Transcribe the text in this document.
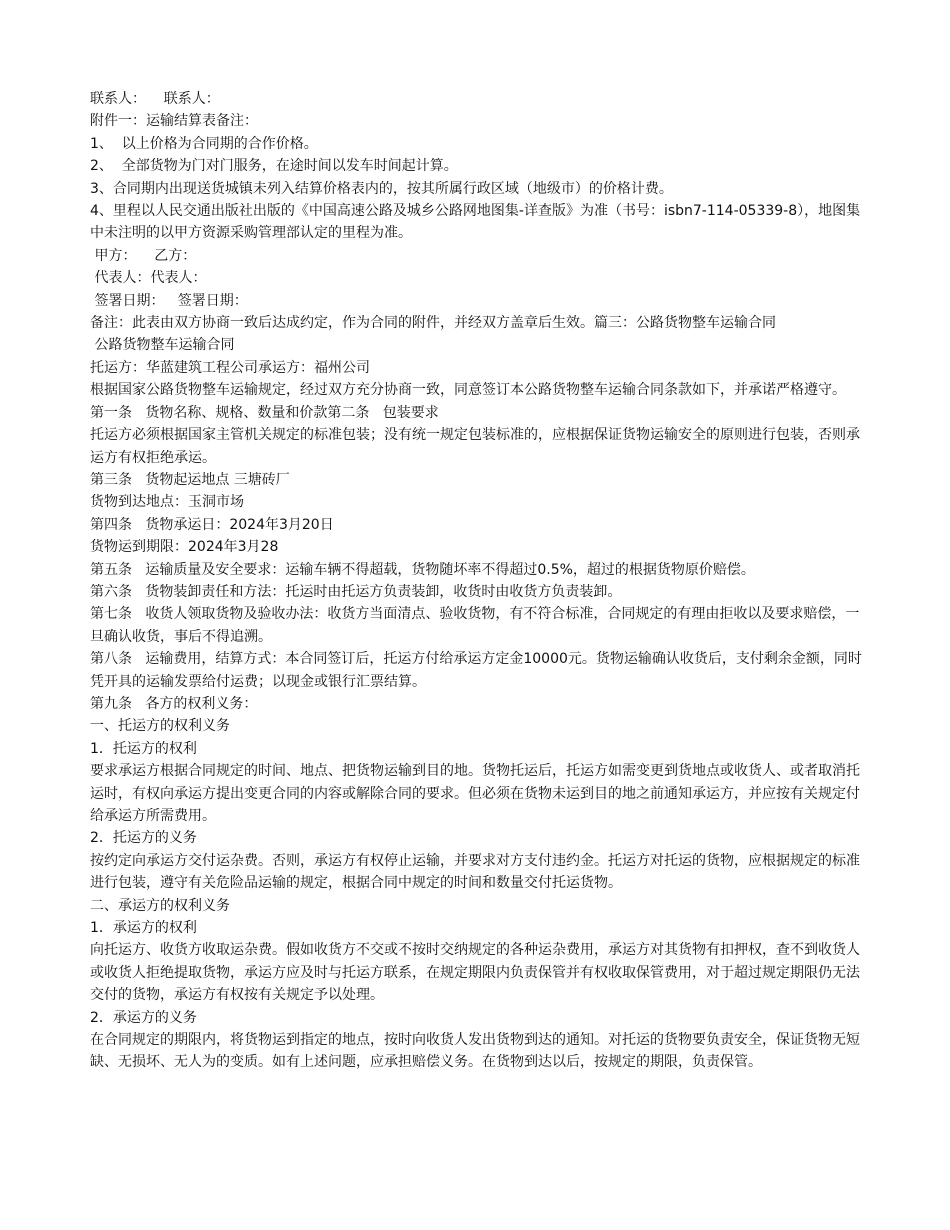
联系人：    联系人：

附件一：运输结算表备注：

1、  以上价格为合同期的合作价格。

2、  全部货物为门对门服务，在途时间以发车时间起计算。

3、合同期内出现送货城镇未列入结算价格表内的，按其所属行政区域（地级市）的价格计费。

4、里程以人民交通出版社出版的《中国高速公路及城乡公路网地图集-详查版》为准（书号：isbn7-114-05339-8），地图集中未注明的以甲方资源采购管理部认定的里程为准。

甲方：    乙方：

代表人：代表人：

签署日期：   签署日期：

备注：此表由双方协商一致后达成约定，作为合同的附件，并经双方盖章后生效。篇三：公路货物整车运输合同

公路货物整车运输合同

托运方：华蓝建筑工程公司承运方：福州公司

根据国家公路货物整车运输规定，经过双方充分协商一致，同意签订本公路货物整车运输合同条款如下，并承诺严格遵守。

第一条   货物名称、规格、数量和价款第二条   包装要求

托运方必须根据国家主管机关规定的标准包装；没有统一规定包装标准的，应根据保证货物运输安全的原则进行包装，否则承运方有权拒绝承运。

第三条   货物起运地点 三塘砖厂

货物到达地点：玉洞市场

第四条   货物承运日：2024年3月20日

货物运到期限：2024年3月28

第五条   运输质量及安全要求：运输车辆不得超载，货物随坏率不得超过0.5%，超过的根据货物原价赔偿。

第六条   货物装卸责任和方法：托运时由托运方负责装卸，收货时由收货方负责装卸。

第七条   收货人领取货物及验收办法：收货方当面清点、验收货物，有不符合标准，合同规定的有理由拒收以及要求赔偿，一旦确认收货，事后不得追溯。

第八条   运输费用，结算方式：本合同签订后，托运方付给承运方定金10000元。货物运输确认收货后，支付剩余金额，同时凭开具的运输发票给付运费；以现金或银行汇票结算。

第九条   各方的权利义务：

一、托运方的权利义务

1．托运方的权利

要求承运方根据合同规定的时间、地点、把货物运输到目的地。货物托运后，托运方如需变更到货地点或收货人、或者取消托运时，有权向承运方提出变更合同的内容或解除合同的要求。但必须在货物未运到目的地之前通知承运方，并应按有关规定付给承运方所需费用。

2．托运方的义务

按约定向承运方交付运杂费。否则，承运方有权停止运输，并要求对方支付违约金。托运方对托运的货物，应根据规定的标准进行包装，遵守有关危险品运输的规定，根据合同中规定的时间和数量交付托运货物。

二、承运方的权利义务

1．承运方的权利

向托运方、收货方收取运杂费。假如收货方不交或不按时交纳规定的各种运杂费用，承运方对其货物有扣押权，查不到收货人或收货人拒绝提取货物，承运方应及时与托运方联系，在规定期限内负责保管并有权收取保管费用，对于超过规定期限仍无法交付的货物，承运方有权按有关规定予以处理。

2．承运方的义务

在合同规定的期限内，将货物运到指定的地点，按时向收货人发出货物到达的通知。对托运的货物要负责安全，保证货物无短缺、无损坏、无人为的变质。如有上述问题，应承担赔偿义务。在货物到达以后，按规定的期限，负责保管。
